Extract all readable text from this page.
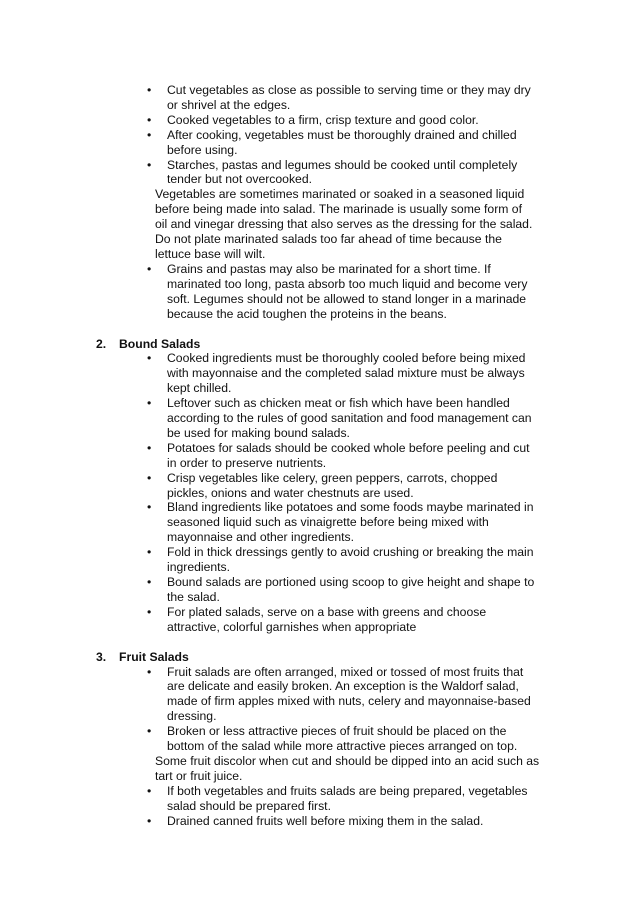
• Cut vegetables as close as possible to serving time or they may dry
or shrivel at the edges.
• Cooked vegetables to a firm, crisp texture and good color.
• After cooking, vegetables must be thoroughly drained and chilled
before using.
• Starches, pastas and legumes should be cooked until completely
tender but not overcooked.
Vegetables are sometimes marinated or soaked in a seasoned liquid
before being made into salad. The marinade is usually some form of
oil and vinegar dressing that also serves as the dressing for the salad.
Do not plate marinated salads too far ahead of time because the
lettuce base will wilt.
• Grains and pastas may also be marinated for a short time. If
marinated too long, pasta absorb too much liquid and become very
soft. Legumes should not be allowed to stand longer in a marinade
because the acid toughen the proteins in the beans.
2. Bound Salads
• Cooked ingredients must be thoroughly cooled before being mixed
with mayonnaise and the completed salad mixture must be always
kept chilled.
• Leftover such as chicken meat or fish which have been handled
according to the rules of good sanitation and food management can
be used for making bound salads.
• Potatoes for salads should be cooked whole before peeling and cut
in order to preserve nutrients.
• Crisp vegetables like celery, green peppers, carrots, chopped
pickles, onions and water chestnuts are used.
• Bland ingredients like potatoes and some foods maybe marinated in
seasoned liquid such as vinaigrette before being mixed with
mayonnaise and other ingredients.
• Fold in thick dressings gently to avoid crushing or breaking the main
ingredients.
• Bound salads are portioned using scoop to give height and shape to
the salad.
• For plated salads, serve on a base with greens and choose
attractive, colorful garnishes when appropriate
3. Fruit Salads
• Fruit salads are often arranged, mixed or tossed of most fruits that
are delicate and easily broken. An exception is the Waldorf salad,
made of firm apples mixed with nuts, celery and mayonnaise-based
dressing.
• Broken or less attractive pieces of fruit should be placed on the
bottom of the salad while more attractive pieces arranged on top.
Some fruit discolor when cut and should be dipped into an acid such as
tart or fruit juice.
• If both vegetables and fruits salads are being prepared, vegetables
salad should be prepared first.
• Drained canned fruits well before mixing them in the salad.
